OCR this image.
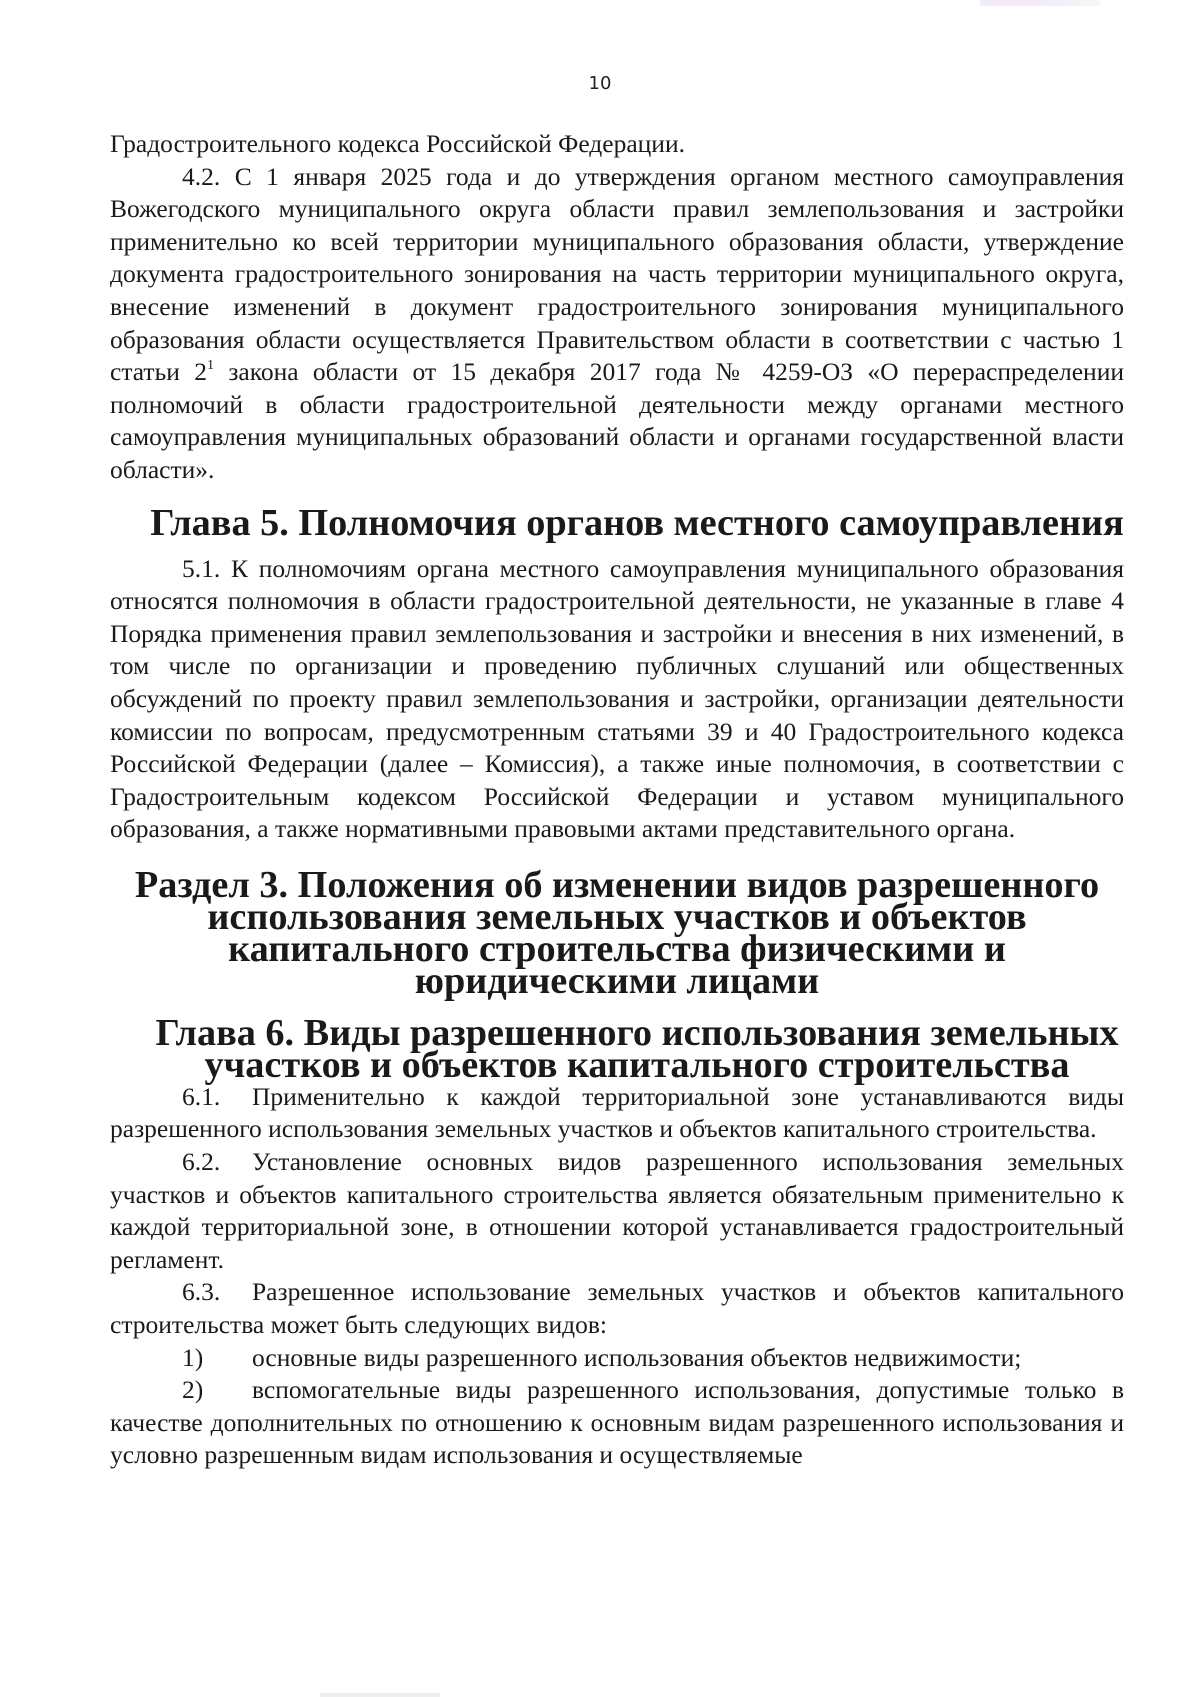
10

Градостроительного кодекса Российской Федерации.

4.2. С 1 января 2025 года и до утверждения органом местного самоуправления Вожегодского муниципального округа области правил землепользования и застройки применительно ко всей территории муниципального образования области, утверждение документа градостроительного зонирования на часть территории муниципального округа, внесение изменений в документ градостроительного зонирования муниципального образования области осуществляется Правительством области в соответствии с частью 1 статьи $2^1$ закона области от 15 декабря 2017 года № 4259-ОЗ «О перераспределении полномочий в области градостроительной деятельности между органами местного самоуправления муниципальных образований области и органами государственной власти области».

Глава 5. Полномочия органов местного самоуправления

5.1. К полномочиям органа местного самоуправления муниципального образования относятся полномочия в области градостроительной деятельности, не указанные в главе 4 Порядка применения правил землепользования и застройки и внесения в них изменений, в том числе по организации и проведению публичных слушаний или общественных обсуждений по проекту правил землепользования и застройки, организации деятельности комиссии по вопросам, предусмотренным статьями 39 и 40 Градостроительного кодекса Российской Федерации (далее – Комиссия), а также иные полномочия, в соответствии с Градостроительным кодексом Российской Федерации и уставом муниципального образования, а также нормативными правовыми актами представительного органа.

Раздел 3. Положения об изменении видов разрешенного использования земельных участков и объектов капитального строительства физическими и юридическими лицами
Глава 6. Виды разрешенного использования земельных участков и объектов капитального строительства

6.1. Применительно к каждой территориальной зоне устанавливаются виды разрешенного использования земельных участков и объектов капитального строительства.

6.2. Установление основных видов разрешенного использования земельных участков и объектов капитального строительства является обязательным применительно к каждой территориальной зоне, в отношении которой устанавливается градостроительный регламент.

6.3. Разрешенное использование земельных участков и объектов капитального строительства может быть следующих видов:

1) основные виды разрешенного использования объектов недвижимости;

2) вспомогательные виды разрешенного использования, допустимые только в качестве дополнительных по отношению к основным видам разрешенного использования и условно разрешенным видам использования и осуществляемые
